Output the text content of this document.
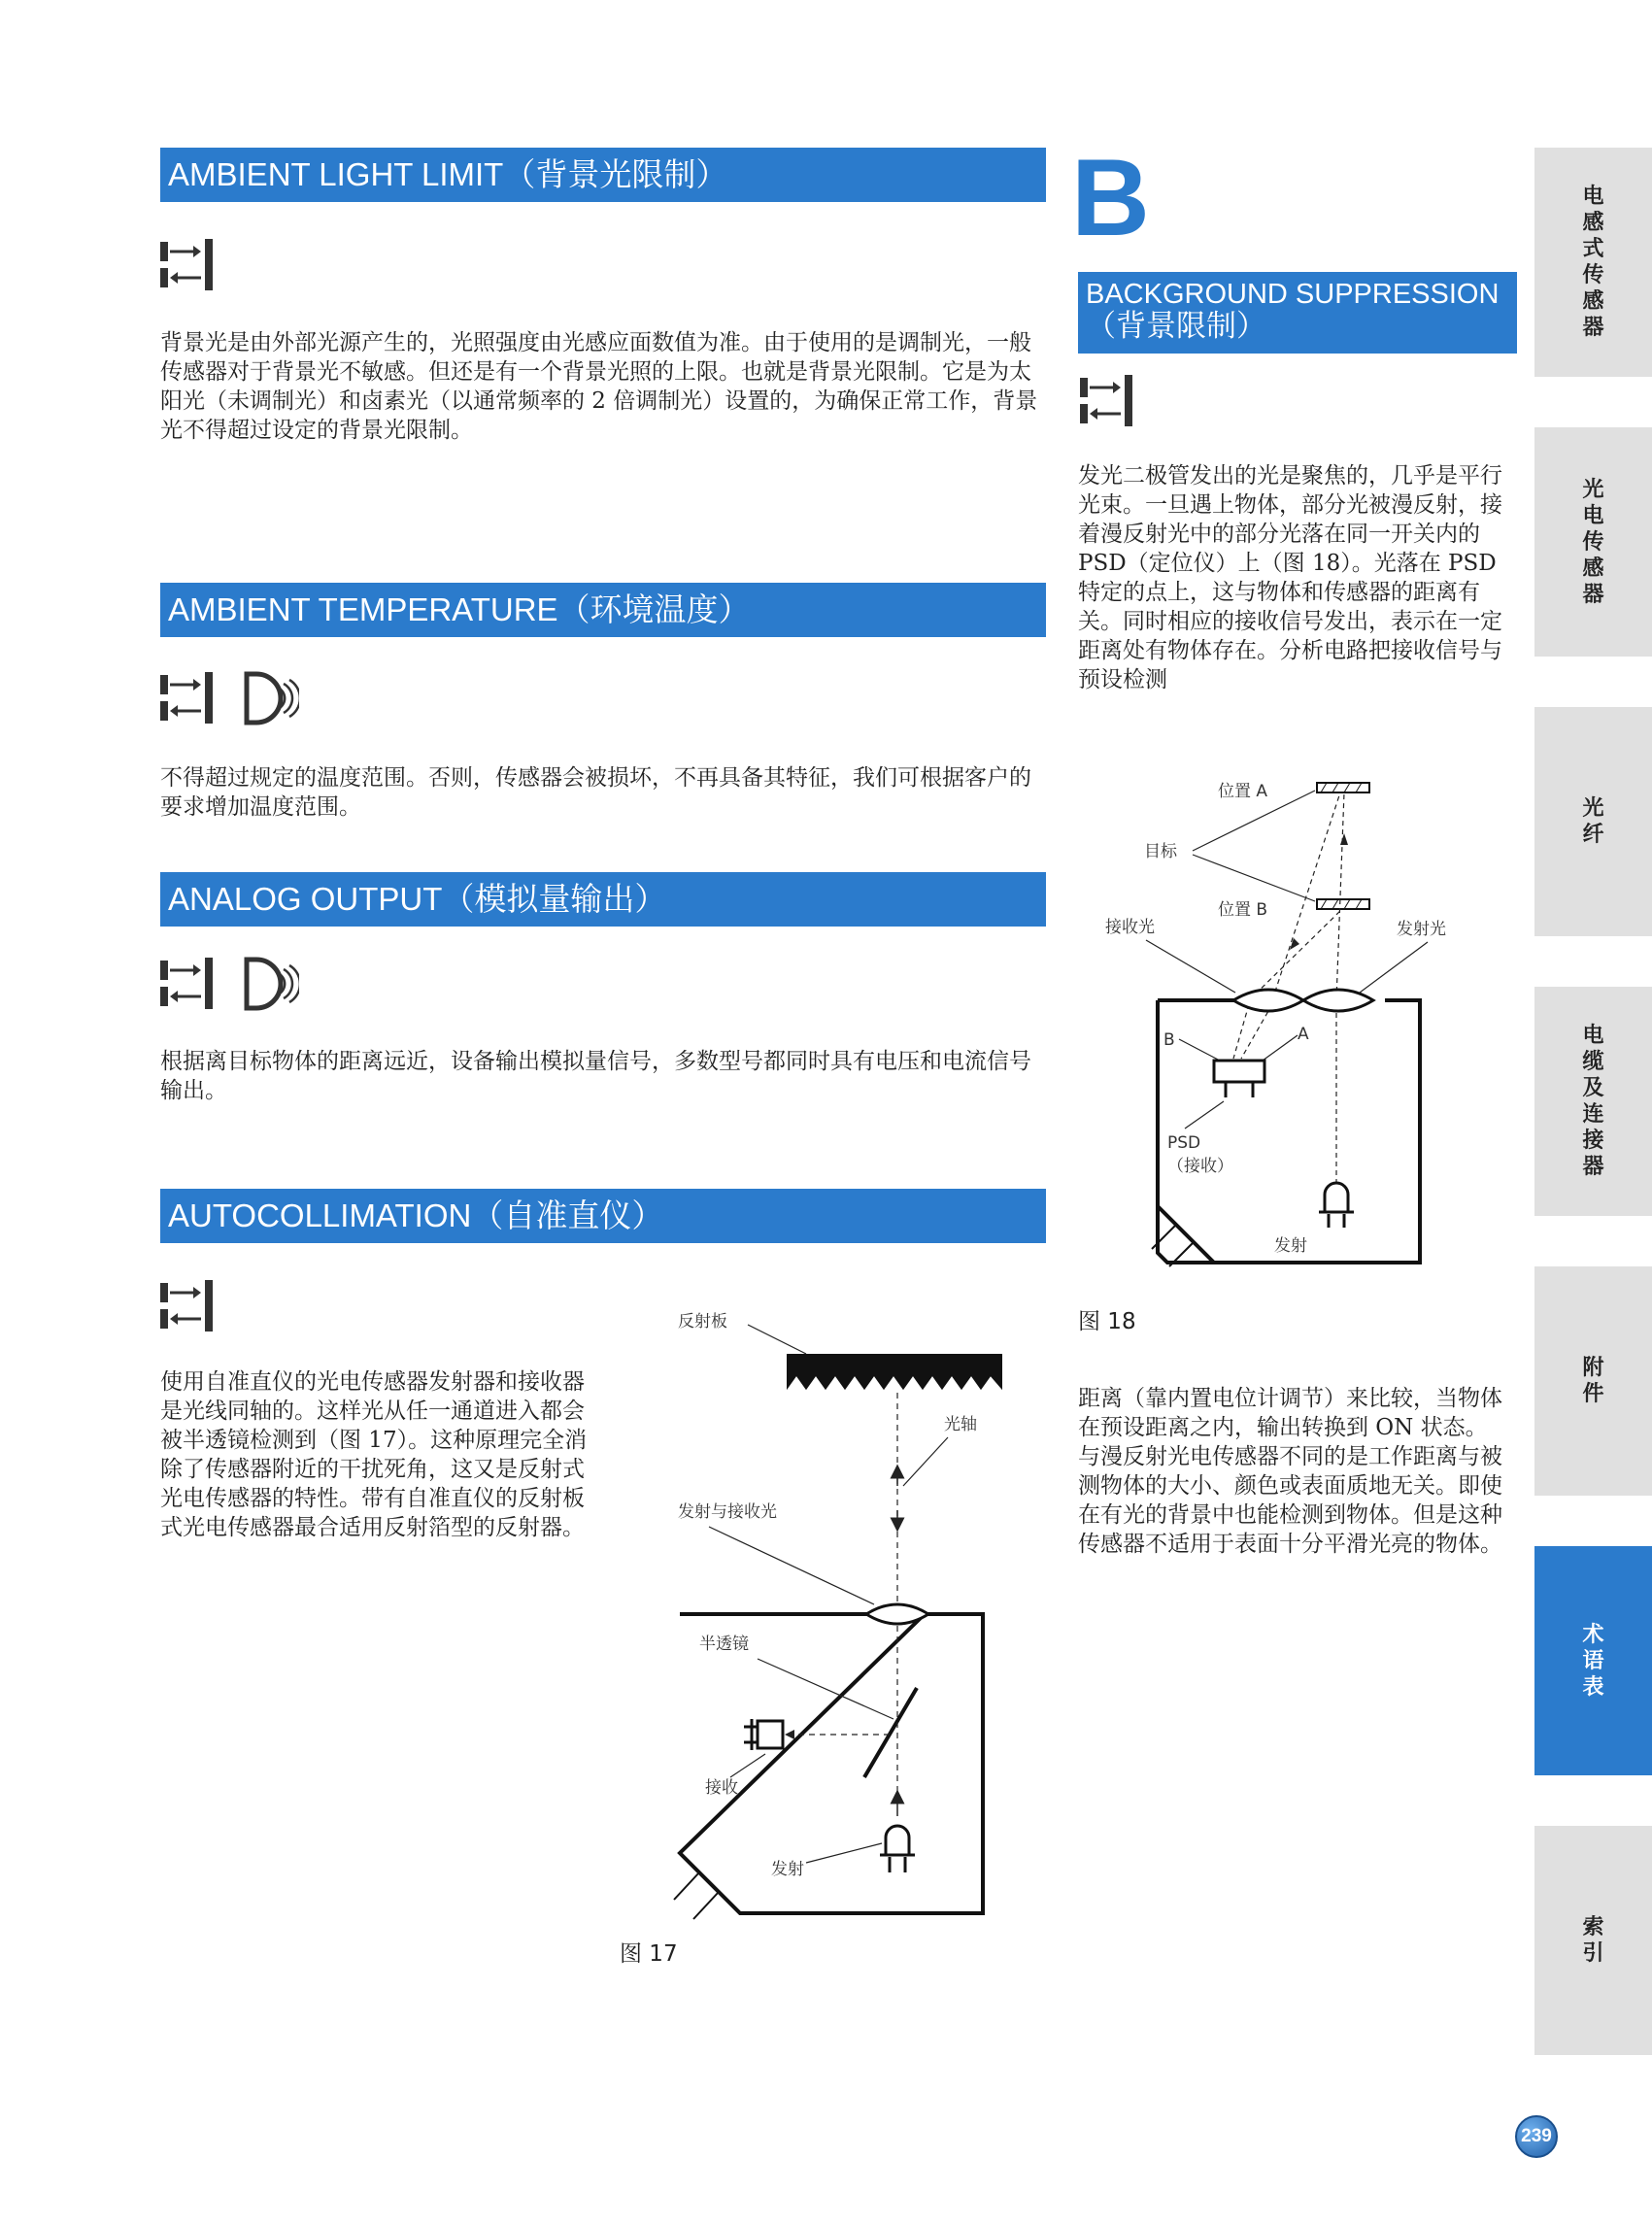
AMBIENT LIGHT LIMIT（背景光限制）

背景光是由外部光源产生的，光照强度由光感应面数值为准。由于使用的是调制光，一般传感器对于背景光不敏感。但还是有一个背景光照的上限。也就是背景光限制。它是为太阳光（未调制光）和卤素光（以通常频率的 2 倍调制光）设置的，为确保正常工作，背景光不得超过设定的背景光限制。

AMBIENT TEMPERATURE（环境温度）

不得超过规定的温度范围。否则，传感器会被损坏，不再具备其特征，我们可根据客户的要求增加温度范围。

ANALOG OUTPUT（模拟量输出）

根据离目标物体的距离远近，设备输出模拟量信号，多数型号都同时具有电压和电流信号输出。

AUTOCOLLIMATION（自准直仪）

使用自准直仪的光电传感器发射器和接收器是光线同轴的。这样光从任一通道进入都会被半透镜检测到（图 17）。这种原理完全消除了传感器附近的干扰死角，这又是反射式光电传感器的特性。带有自准直仪的反射板式光电传感器最合适用反射箔型的反射器。

反射板
光轴
发射与接收光
半透镜
接收
发射
图 17
B
BACKGROUND SUPPRESSION
（背景限制）

发光二极管发出的光是聚焦的，几乎是平行光束。一旦遇上物体，部分光被漫反射，接着漫反射光中的部分光落在同一开关内的 PSD（定位仪）上（图 18）。光落在 PSD 特定的点上，这与物体和传感器的距离有关。同时相应的接收信号发出，表示在一定距离处有物体存在。分析电路把接收信号与预设检测

位置 A
目标
位置 B
接收光	发射光
B	A
PSD
（接收）
发射
图 18

距离（靠内置电位计调节）来比较，当物体在预设距离之内，输出转换到 ON 状态。与漫反射光电传感器不同的是工作距离与被测物体的大小、颜色或表面质地无关。即使在有光的背景中也能检测到物体。但是这种传感器不适用于表面十分平滑光亮的物体。

电
感
式
传
感
器
光
电
传
感
器
光
纤
电
缆
及
连
接
器
附
件
术
语
表
索
引
239
